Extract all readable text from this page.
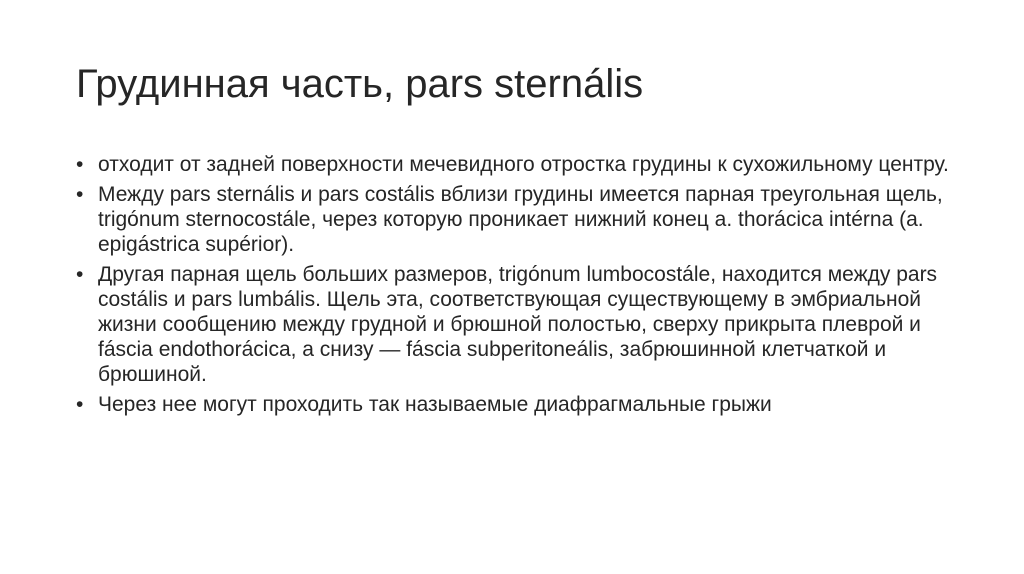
Грудинная часть, pars sternális
• отходит от задней поверхности мечевидного отростка грудины к сухожильному центру.
• Между pars sternális и pars costális вблизи грудины имеется парная треугольная щель, trigónum sternocostále, через которую проникает нижний конец a. thorácica intérna (a. epigástrica supérior).
• Другая парная щель больших размеров, trigónum lumbocostále, находится между pars costális и pars lumbális. Щель эта, соответствующая существующему в эмбриальной жизни сообщению между грудной и брюшной полостью, сверху прикрыта плеврой и fáscia endothorácica, а снизу — fáscia subperitoneális, забрюшинной клетчаткой и брюшиной.
• Через нее могут проходить так называемые диафрагмальные грыжи
